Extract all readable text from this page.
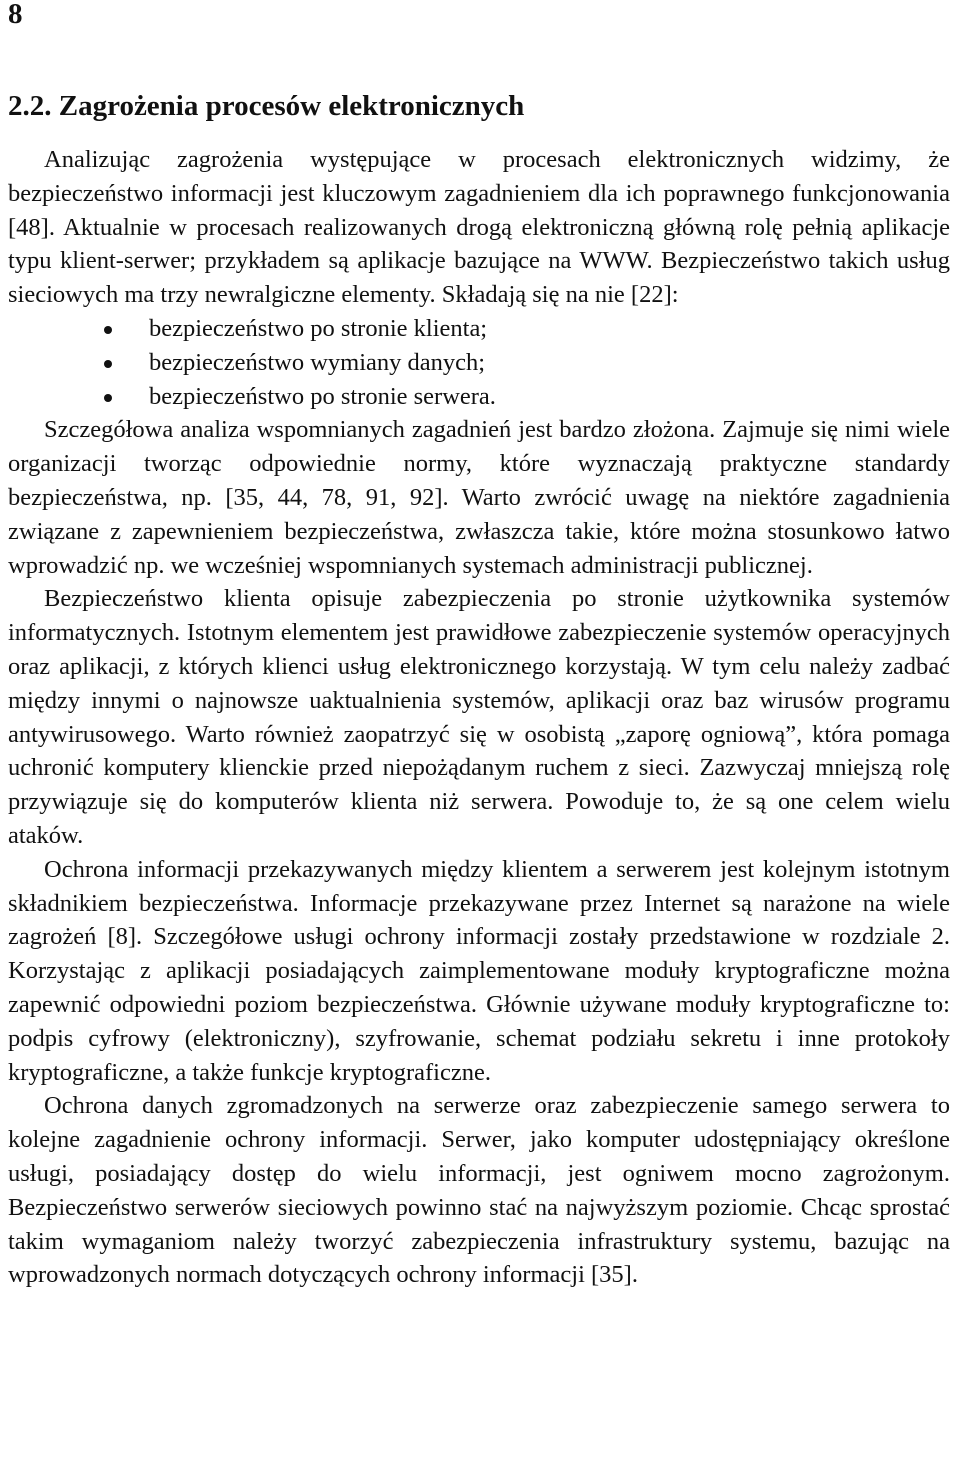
8
2.2. Zagrożenia procesów elektronicznych

Analizując zagrożenia występujące w procesach elektronicznych widzimy, że bezpieczeństwo informacji jest kluczowym zagadnieniem dla ich poprawnego funkcjonowania [48]. Aktualnie w procesach realizowanych drogą elektroniczną główną rolę pełnią aplikacje typu klient-serwer; przykładem są aplikacje bazujące na WWW. Bezpieczeństwo takich usług sieciowych ma trzy newralgiczne elementy. Składają się na nie [22]:

bezpieczeństwo po stronie klienta;
bezpieczeństwo wymiany danych;
bezpieczeństwo po stronie serwera.

Szczegółowa analiza wspomnianych zagadnień jest bardzo złożona. Zajmuje się nimi wiele organizacji tworząc odpowiednie normy, które wyznaczają praktyczne standardy bezpieczeństwa, np. [35, 44, 78, 91, 92]. Warto zwrócić uwagę na niektóre zagadnienia związane z zapewnieniem bezpieczeństwa, zwłaszcza takie, które można stosunkowo łatwo wprowadzić np. we wcześniej wspomnianych systemach administracji publicznej.

Bezpieczeństwo klienta opisuje zabezpieczenia po stronie użytkownika systemów informatycznych. Istotnym elementem jest prawidłowe zabezpieczenie systemów operacyjnych oraz aplikacji, z których klienci usług elektronicznego korzystają. W tym celu należy zadbać między innymi o najnowsze uaktualnienia systemów, aplikacji oraz baz wirusów programu antywirusowego. Warto również zaopatrzyć się w osobistą „zaporę ogniową”, która pomaga uchronić komputery klienckie przed niepożądanym ruchem z sieci. Zazwyczaj mniejszą rolę przywiązuje się do komputerów klienta niż serwera. Powoduje to, że są one celem wielu ataków.

Ochrona informacji przekazywanych między klientem a serwerem jest kolejnym istotnym składnikiem bezpieczeństwa. Informacje przekazywane przez Internet są narażone na wiele zagrożeń [8]. Szczegółowe usługi ochrony informacji zostały przedstawione w rozdziale 2. Korzystając z aplikacji posiadających zaimplementowane moduły kryptograficzne można zapewnić odpowiedni poziom bezpieczeństwa. Głównie używane moduły kryptograficzne to: podpis cyfrowy (elektroniczny), szyfrowanie, schemat podziału sekretu i inne protokoły kryptograficzne, a także funkcje kryptograficzne.

Ochrona danych zgromadzonych na serwerze oraz zabezpieczenie samego serwera to kolejne zagadnienie ochrony informacji. Serwer, jako komputer udostępniający określone usługi, posiadający dostęp do wielu informacji, jest ogniwem mocno zagrożonym. Bezpieczeństwo serwerów sieciowych powinno stać na najwyższym poziomie. Chcąc sprostać takim wymaganiom należy tworzyć zabezpieczenia infrastruktury systemu, bazując na wprowadzonych normach dotyczących ochrony informacji [35].
